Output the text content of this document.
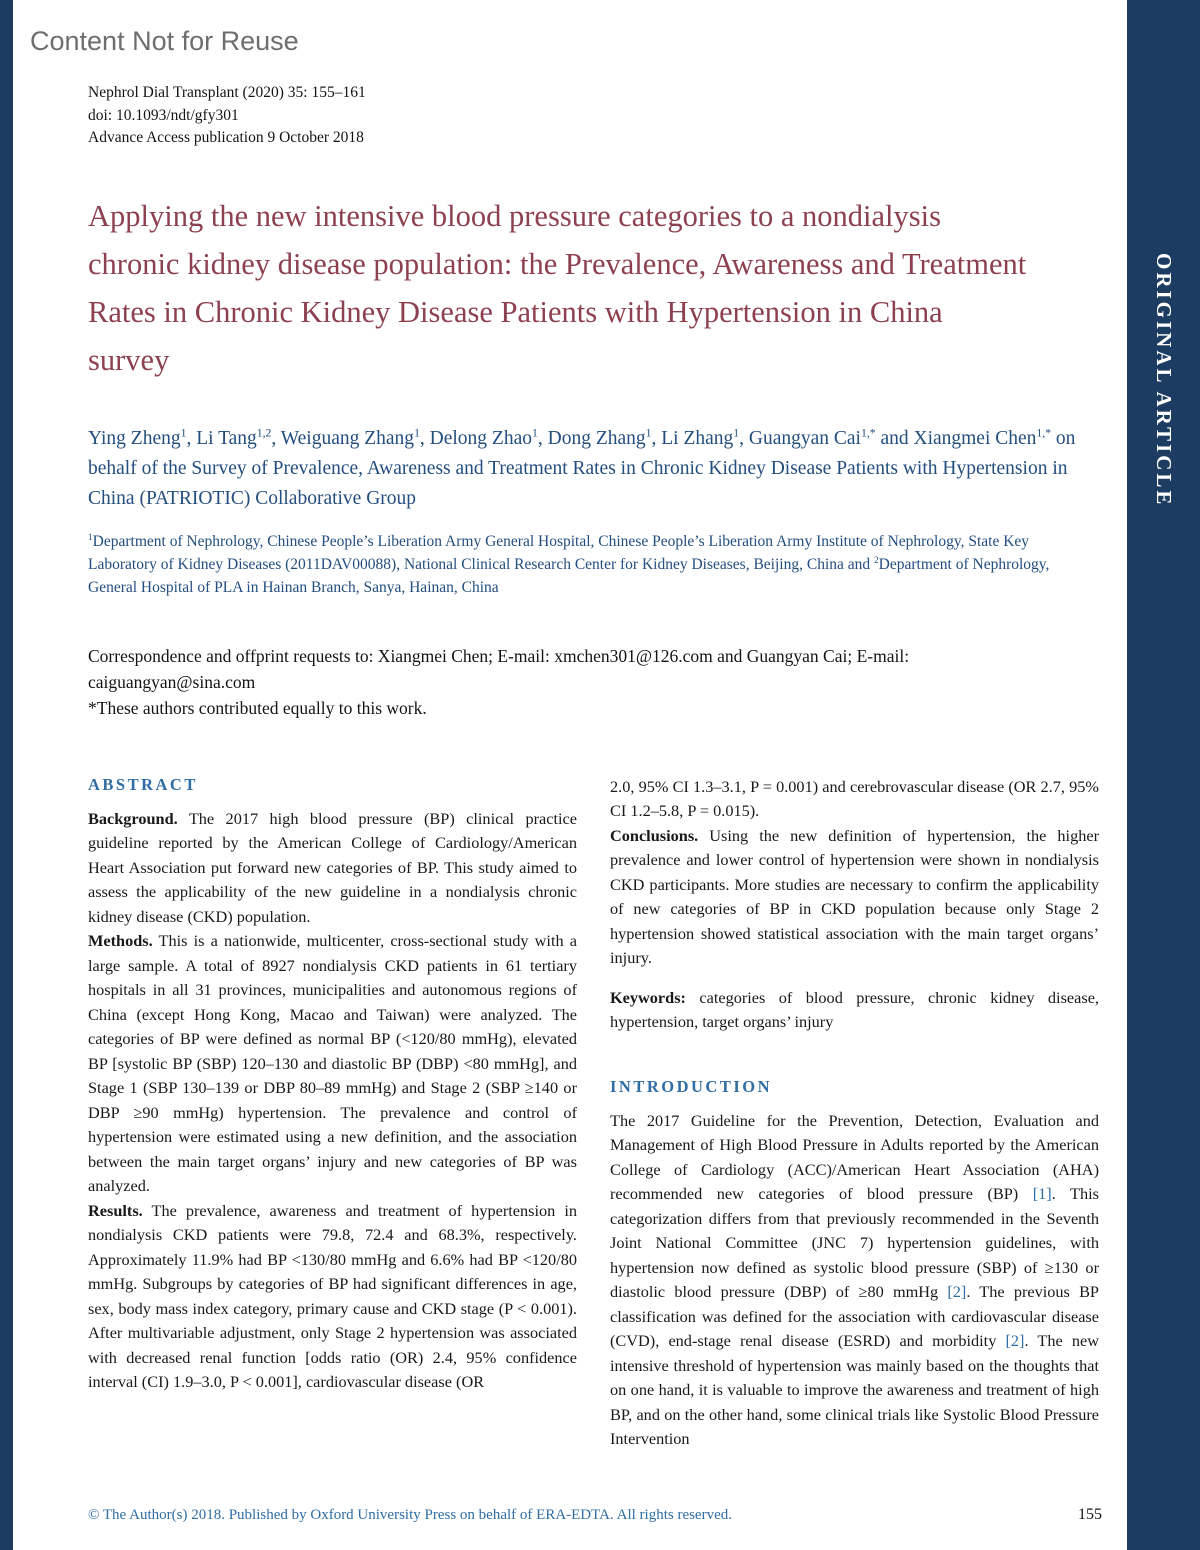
ORIGINAL ARTICLE
Content Not for Reuse
Nephrol Dial Transplant (2020) 35: 155–161
doi: 10.1093/ndt/gfy301
Advance Access publication 9 October 2018
Applying the new intensive blood pressure categories to a nondialysis chronic kidney disease population: the Prevalence, Awareness and Treatment Rates in Chronic Kidney Disease Patients with Hypertension in China survey

Ying Zheng$^1$, Li Tang$^{1,2}$, Weiguang Zhang$^1$, Delong Zhao$^1$, Dong Zhang$^1$, Li Zhang$^1$, Guangyan Cai$^{1,*}$ and Xiangmei Chen$^{1,*}$ on behalf of the Survey of Prevalence, Awareness and Treatment Rates in Chronic Kidney Disease Patients with Hypertension in China (PATRIOTIC) Collaborative Group

$^1$Department of Nephrology, Chinese People’s Liberation Army General Hospital, Chinese People’s Liberation Army Institute of Nephrology, State Key Laboratory of Kidney Diseases (2011DAV00088), National Clinical Research Center for Kidney Diseases, Beijing, China and $^2$Department of Nephrology, General Hospital of PLA in Hainan Branch, Sanya, Hainan, China

Correspondence and offprint requests to: Xiangmei Chen; E-mail: xmchen301@126.com and Guangyan Cai; E-mail: caiguangyan@sina.com

*These authors contributed equally to this work.

ABSTRACT

Background. The 2017 high blood pressure (BP) clinical practice guideline reported by the American College of Cardiology/American Heart Association put forward new categories of BP. This study aimed to assess the applicability of the new guideline in a nondialysis chronic kidney disease (CKD) population.

Methods. This is a nationwide, multicenter, cross-sectional study with a large sample. A total of 8927 nondialysis CKD patients in 61 tertiary hospitals in all 31 provinces, municipalities and autonomous regions of China (except Hong Kong, Macao and Taiwan) were analyzed. The categories of BP were defined as normal BP (<120/80 mmHg), elevated BP [systolic BP (SBP) 120–130 and diastolic BP (DBP) <80 mmHg], and Stage 1 (SBP 130–139 or DBP 80–89 mmHg) and Stage 2 (SBP ≥140 or DBP ≥90 mmHg) hypertension. The prevalence and control of hypertension were estimated using a new definition, and the association between the main target organs’ injury and new categories of BP was analyzed.

Results. The prevalence, awareness and treatment of hypertension in nondialysis CKD patients were 79.8, 72.4 and 68.3%, respectively. Approximately 11.9% had BP <130/80 mmHg and 6.6% had BP <120/80 mmHg. Subgroups by categories of BP had significant differences in age, sex, body mass index category, primary cause and CKD stage (P < 0.001). After multivariable adjustment, only Stage 2 hypertension was associated with decreased renal function [odds ratio (OR) 2.4, 95% confidence interval (CI) 1.9–3.0, P < 0.001], cardiovascular disease (OR

2.0, 95% CI 1.3–3.1, P = 0.001) and cerebrovascular disease (OR 2.7, 95% CI 1.2–5.8, P = 0.015).

Conclusions. Using the new definition of hypertension, the higher prevalence and lower control of hypertension were shown in nondialysis CKD participants. More studies are necessary to confirm the applicability of new categories of BP in CKD population because only Stage 2 hypertension showed statistical association with the main target organs’ injury.

Keywords: categories of blood pressure, chronic kidney disease, hypertension, target organs’ injury

INTRODUCTION

The 2017 Guideline for the Prevention, Detection, Evaluation and Management of High Blood Pressure in Adults reported by the American College of Cardiology (ACC)/American Heart Association (AHA) recommended new categories of blood pressure (BP) [1]. This categorization differs from that previously recommended in the Seventh Joint National Committee (JNC 7) hypertension guidelines, with hypertension now defined as systolic blood pressure (SBP) of ≥130 or diastolic blood pressure (DBP) of ≥80 mmHg [2]. The previous BP classification was defined for the association with cardiovascular disease (CVD), end-stage renal disease (ESRD) and morbidity [2]. The new intensive threshold of hypertension was mainly based on the thoughts that on one hand, it is valuable to improve the awareness and treatment of high BP, and on the other hand, some clinical trials like Systolic Blood Pressure Intervention

© The Author(s) 2018. Published by Oxford University Press on behalf of ERA-EDTA. All rights reserved.	155
